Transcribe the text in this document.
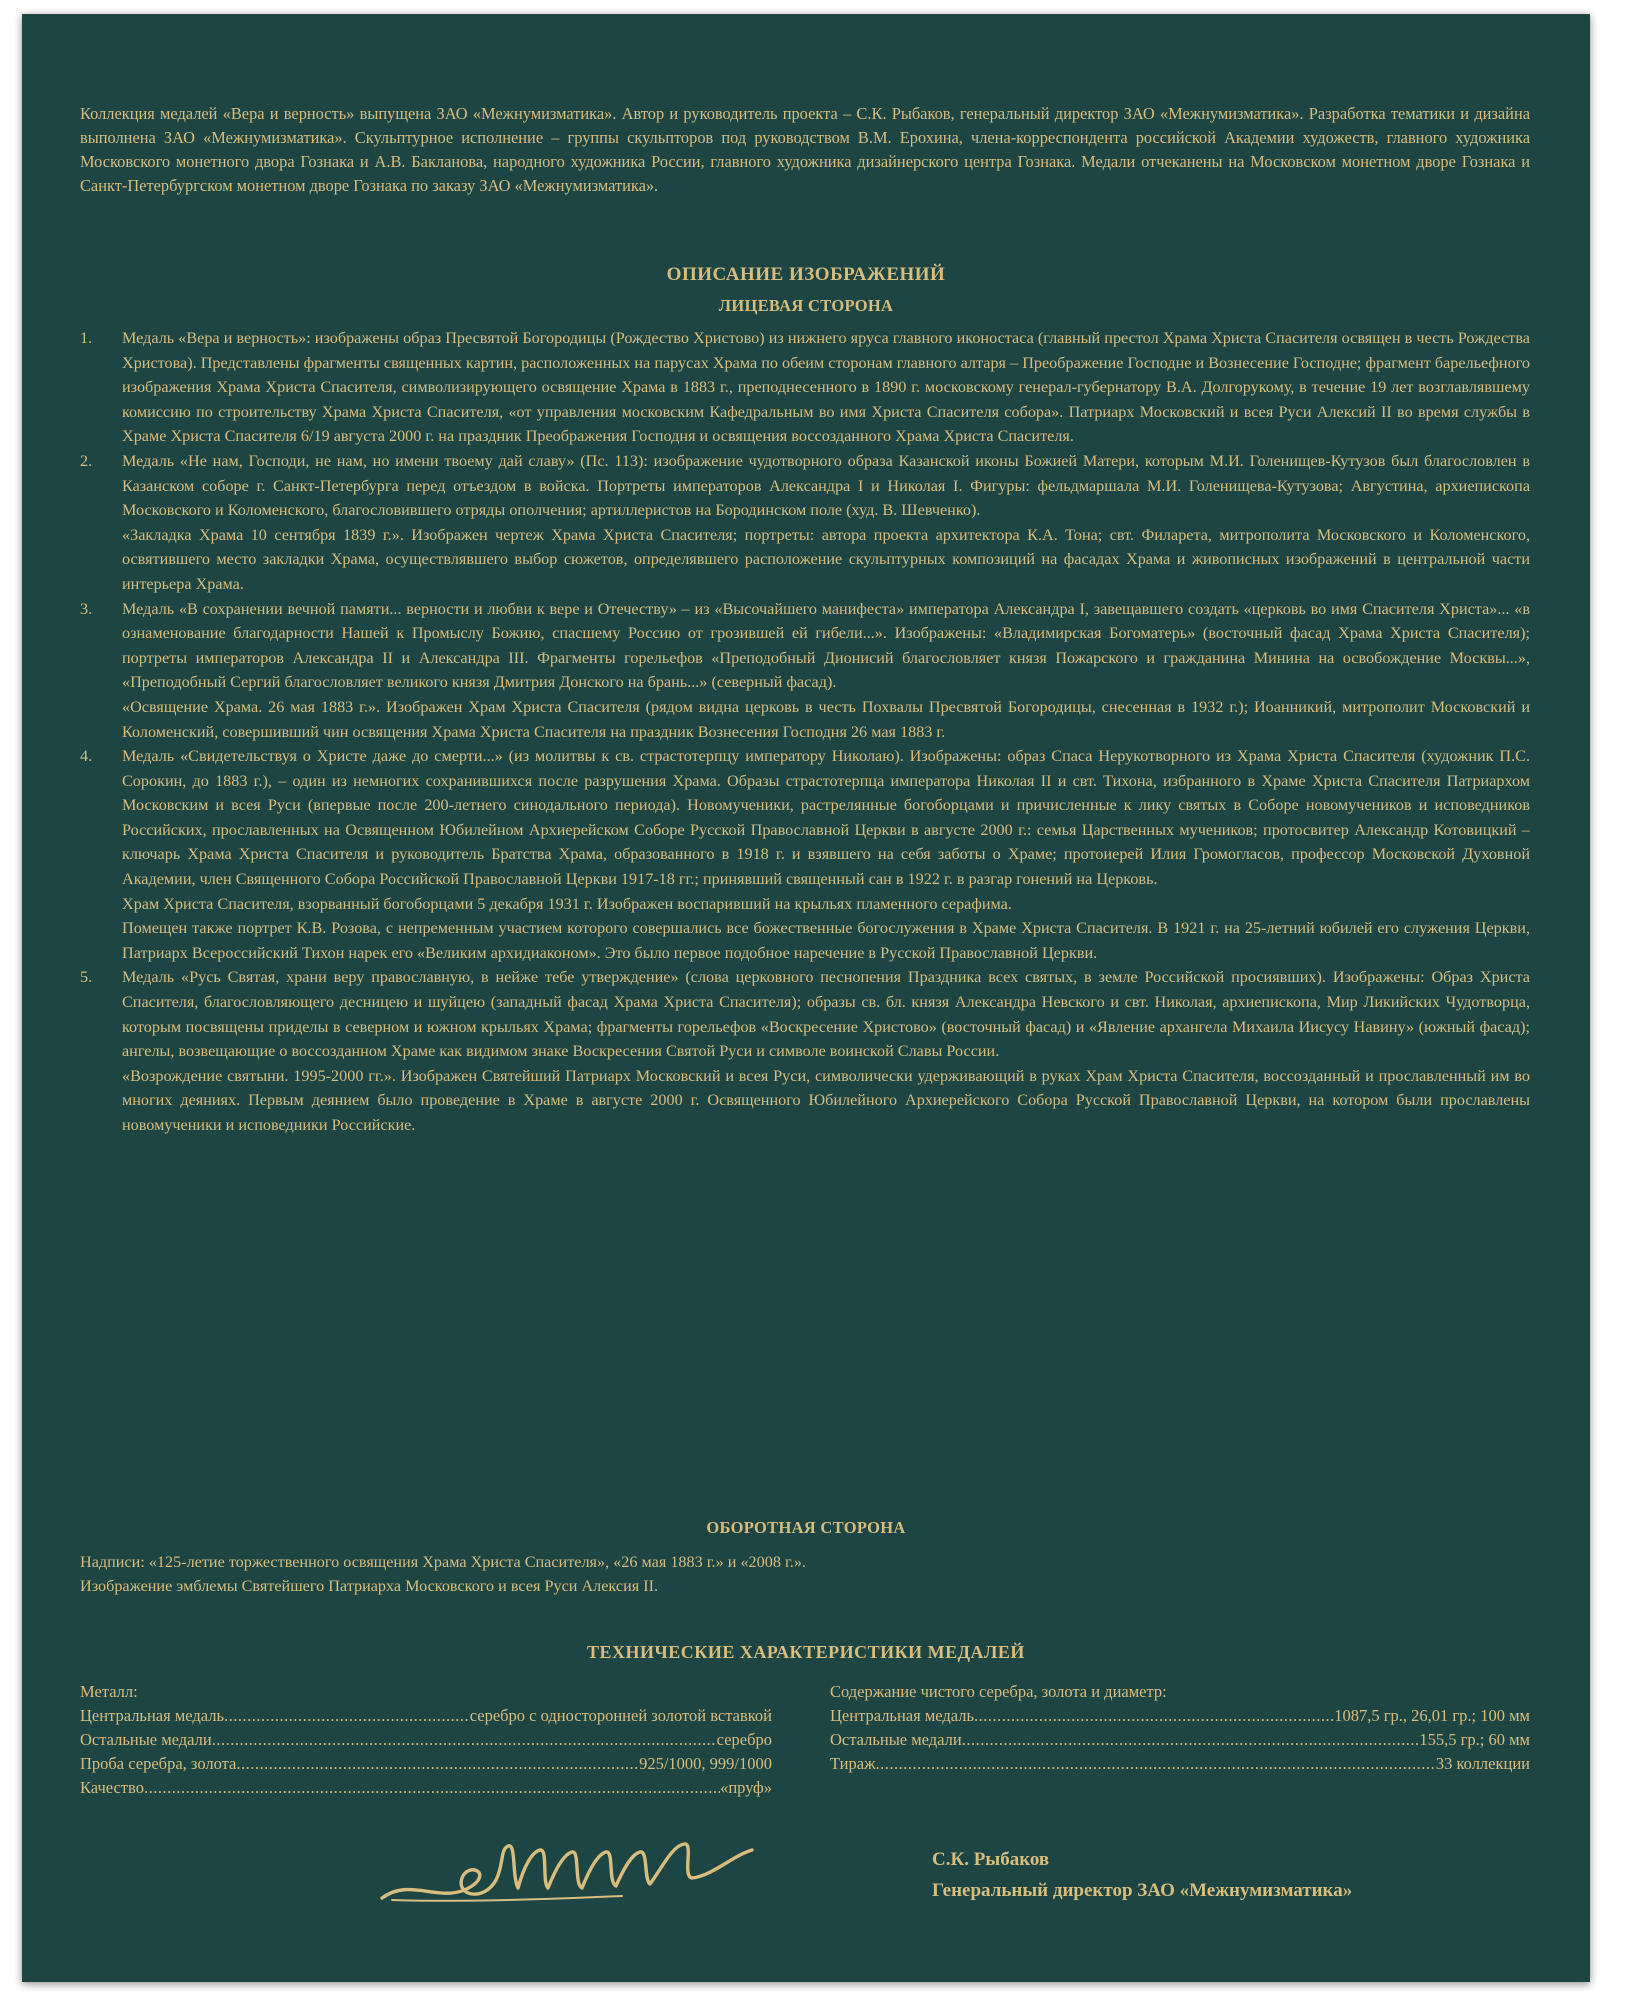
Коллекция медалей «Вера и верность» выпущена ЗАО «Межнумизматика». Автор и руководитель проекта – С.К. Рыбаков, генеральный директор ЗАО «Межнумизматика». Разработка тематики и дизайна выполнена ЗАО «Межнумизматика». Скульптурное исполнение – группы скульпторов под руководством В.М. Ерохина, члена-корреспондента российской Академии художеств, главного художника Московского монетного двора Гознака и А.В. Бакланова, народного художника России, главного художника дизайнерского центра Гознака. Медали отчеканены на Московском монетном дворе Гознака и Санкт-Петербургском монетном дворе Гознака по заказу ЗАО «Межнумизматика».
ОПИСАНИЕ ИЗОБРАЖЕНИЙ
ЛИЦЕВАЯ СТОРОНА
1. Медаль «Вера и верность»: изображены образ Пресвятой Богородицы (Рождество Христово) из нижнего яруса главного иконостаса (главный престол Храма Христа Спасителя освящен в честь Рождества Христова). Представлены фрагменты священных картин, расположенных на парусах Храма по обеим сторонам главного алтаря – Преображение Господне и Вознесение Господне; фрагмент барельефного изображения Храма Христа Спасителя, символизирующего освящение Храма в 1883 г., преподнесенного в 1890 г. московскому генерал-губернатору В.А. Долгорукому, в течение 19 лет возглавлявшему комиссию по строительству Храма Христа Спасителя, «от управления московским Кафедральным во имя Христа Спасителя собора». Патриарх Московский и всея Руси Алексий II во время службы в Храме Христа Спасителя 6/19 августа 2000 г. на праздник Преображения Господня и освящения воссозданного Храма Христа Спасителя.

2. Медаль «Не нам, Господи, не нам, но имени твоему дай славу» (Пс. 113): изображение чудотворного образа Казанской иконы Божией Матери, которым М.И. Голенищев-Кутузов был благословлен в Казанском соборе г. Санкт-Петербурга перед отъездом в войска. Портреты императоров Александра I и Николая I. Фигуры: фельдмаршала М.И. Голенищева-Кутузова; Августина, архиепископа Московского и Коломенского, благословившего отряды ополчения; артиллеристов на Бородинском поле (худ. В. Шевченко).

«Закладка Храма 10 сентября 1839 г.». Изображен чертеж Храма Христа Спасителя; портреты: автора проекта архитектора К.А. Тона; свт. Филарета, митрополита Московского и Коломенского, освятившего место закладки Храма, осуществлявшего выбор сюжетов, определявшего расположение скульптурных композиций на фасадах Храма и живописных изображений в центральной части интерьера Храма.

3. Медаль «В сохранении вечной памяти... верности и любви к вере и Отечеству» – из «Высочайшего манифеста» императора Александра I, завещавшего создать «церковь во имя Спасителя Христа»... «в ознаменование благодарности Нашей к Промыслу Божию, спасшему Россию от грозившей ей гибели...». Изображены: «Владимирская Богоматерь» (восточный фасад Храма Христа Спасителя); портреты императоров Александра II и Александра III. Фрагменты горельефов «Преподобный Дионисий благословляет князя Пожарского и гражданина Минина на освобождение Москвы...», «Преподобный Сергий благословляет великого князя Дмитрия Донского на брань...» (северный фасад).

«Освящение Храма. 26 мая 1883 г.». Изображен Храм Христа Спасителя (рядом видна церковь в честь Похвалы Пресвятой Богородицы, снесенная в 1932 г.); Иоанникий, митрополит Московский и Коломенский, совершивший чин освящения Храма Христа Спасителя на праздник Вознесения Господня 26 мая 1883 г.

4. Медаль «Свидетельствуя о Христе даже до смерти...» (из молитвы к св. страстотерпцу императору Николаю). Изображены: образ Спаса Нерукотворного из Храма Христа Спасителя (художник П.С. Сорокин, до 1883 г.), – один из немногих сохранившихся после разрушения Храма. Образы страстотерпца императора Николая II и свт. Тихона, избранного в Храме Христа Спасителя Патриархом Московским и всея Руси (впервые после 200-летнего синодального периода). Новомученики, растрелянные богоборцами и причисленные к лику святых в Соборе новомучеников и исповедников Российских, прославленных на Освященном Юбилейном Архиерейском Соборе Русской Православной Церкви в августе 2000 г.: семья Царственных мучеников; протосвитер Александр Котовицкий – ключарь Храма Христа Спасителя и руководитель Братства Храма, образованного в 1918 г. и взявшего на себя заботы о Храме; протоиерей Илия Громогласов, профессор Московской Духовной Академии, член Священного Собора Российской Православной Церкви 1917-18 гг.; принявший священный сан в 1922 г. в разгар гонений на Церковь.

Храм Христа Спасителя, взорванный богоборцами 5 декабря 1931 г. Изображен воспаривший на крыльях пламенного серафима.

Помещен также портрет К.В. Розова, с непременным участием которого совершались все божественные богослужения в Храме Христа Спасителя. В 1921 г. на 25-летний юбилей его служения Церкви, Патриарх Всероссийский Тихон нарек его «Великим архидиаконом». Это было первое подобное наречение в Русской Православной Церкви.

5. Медаль «Русь Святая, храни веру православную, в нейже тебе утверждение» (слова церковного песнопения Праздника всех святых, в земле Российской просиявших). Изображены: Образ Христа Спасителя, благословляющего десницею и шуйцею (западный фасад Храма Христа Спасителя); образы св. бл. князя Александра Невского и свт. Николая, архиепископа, Мир Ликийских Чудотворца, которым посвящены приделы в северном и южном крыльях Храма; фрагменты горельефов «Воскресение Христово» (восточный фасад) и «Явление архангела Михаила Иисусу Навину» (южный фасад); ангелы, возвещающие о воссозданном Храме как видимом знаке Воскресения Святой Руси и символе воинской Славы России.

«Возрождение святыни. 1995-2000 гг.». Изображен Святейший Патриарх Московский и всея Руси, символически удерживающий в руках Храм Христа Спасителя, воссозданный и прославленный им во многих деяниях. Первым деянием было проведение в Храме в августе 2000 г. Освященного Юбилейного Архиерейского Собора Русской Православной Церкви, на котором были прославлены новомученики и исповедники Российские.

ОБОРОТНАЯ СТОРОНА

Надписи: «125-летие торжественного освящения Храма Христа Спасителя», «26 мая 1883 г.» и «2008 г.».

Изображение эмблемы Святейшего Патриарха Московского и всея Руси Алексия II.

ТЕХНИЧЕСКИЕ ХАРАКТЕРИСТИКИ МЕДАЛЕЙ
Металл:
Центральная медаль .....	серебро с односторонней золотой вставкой
Остальные медали .....	серебро
Проба серебра, золота .....	925/1000, 999/1000
Качество .....	«пруф»
Содержание чистого серебра, золота и диаметр:
Центральная медаль .....	1087,5 гр., 26,01 гр.; 100 мм
Остальные медали .....	155,5 гр.; 60 мм
Тираж .....	33 коллекции
С.К. Рыбаков
Генеральный директор ЗАО «Межнумизматика»
